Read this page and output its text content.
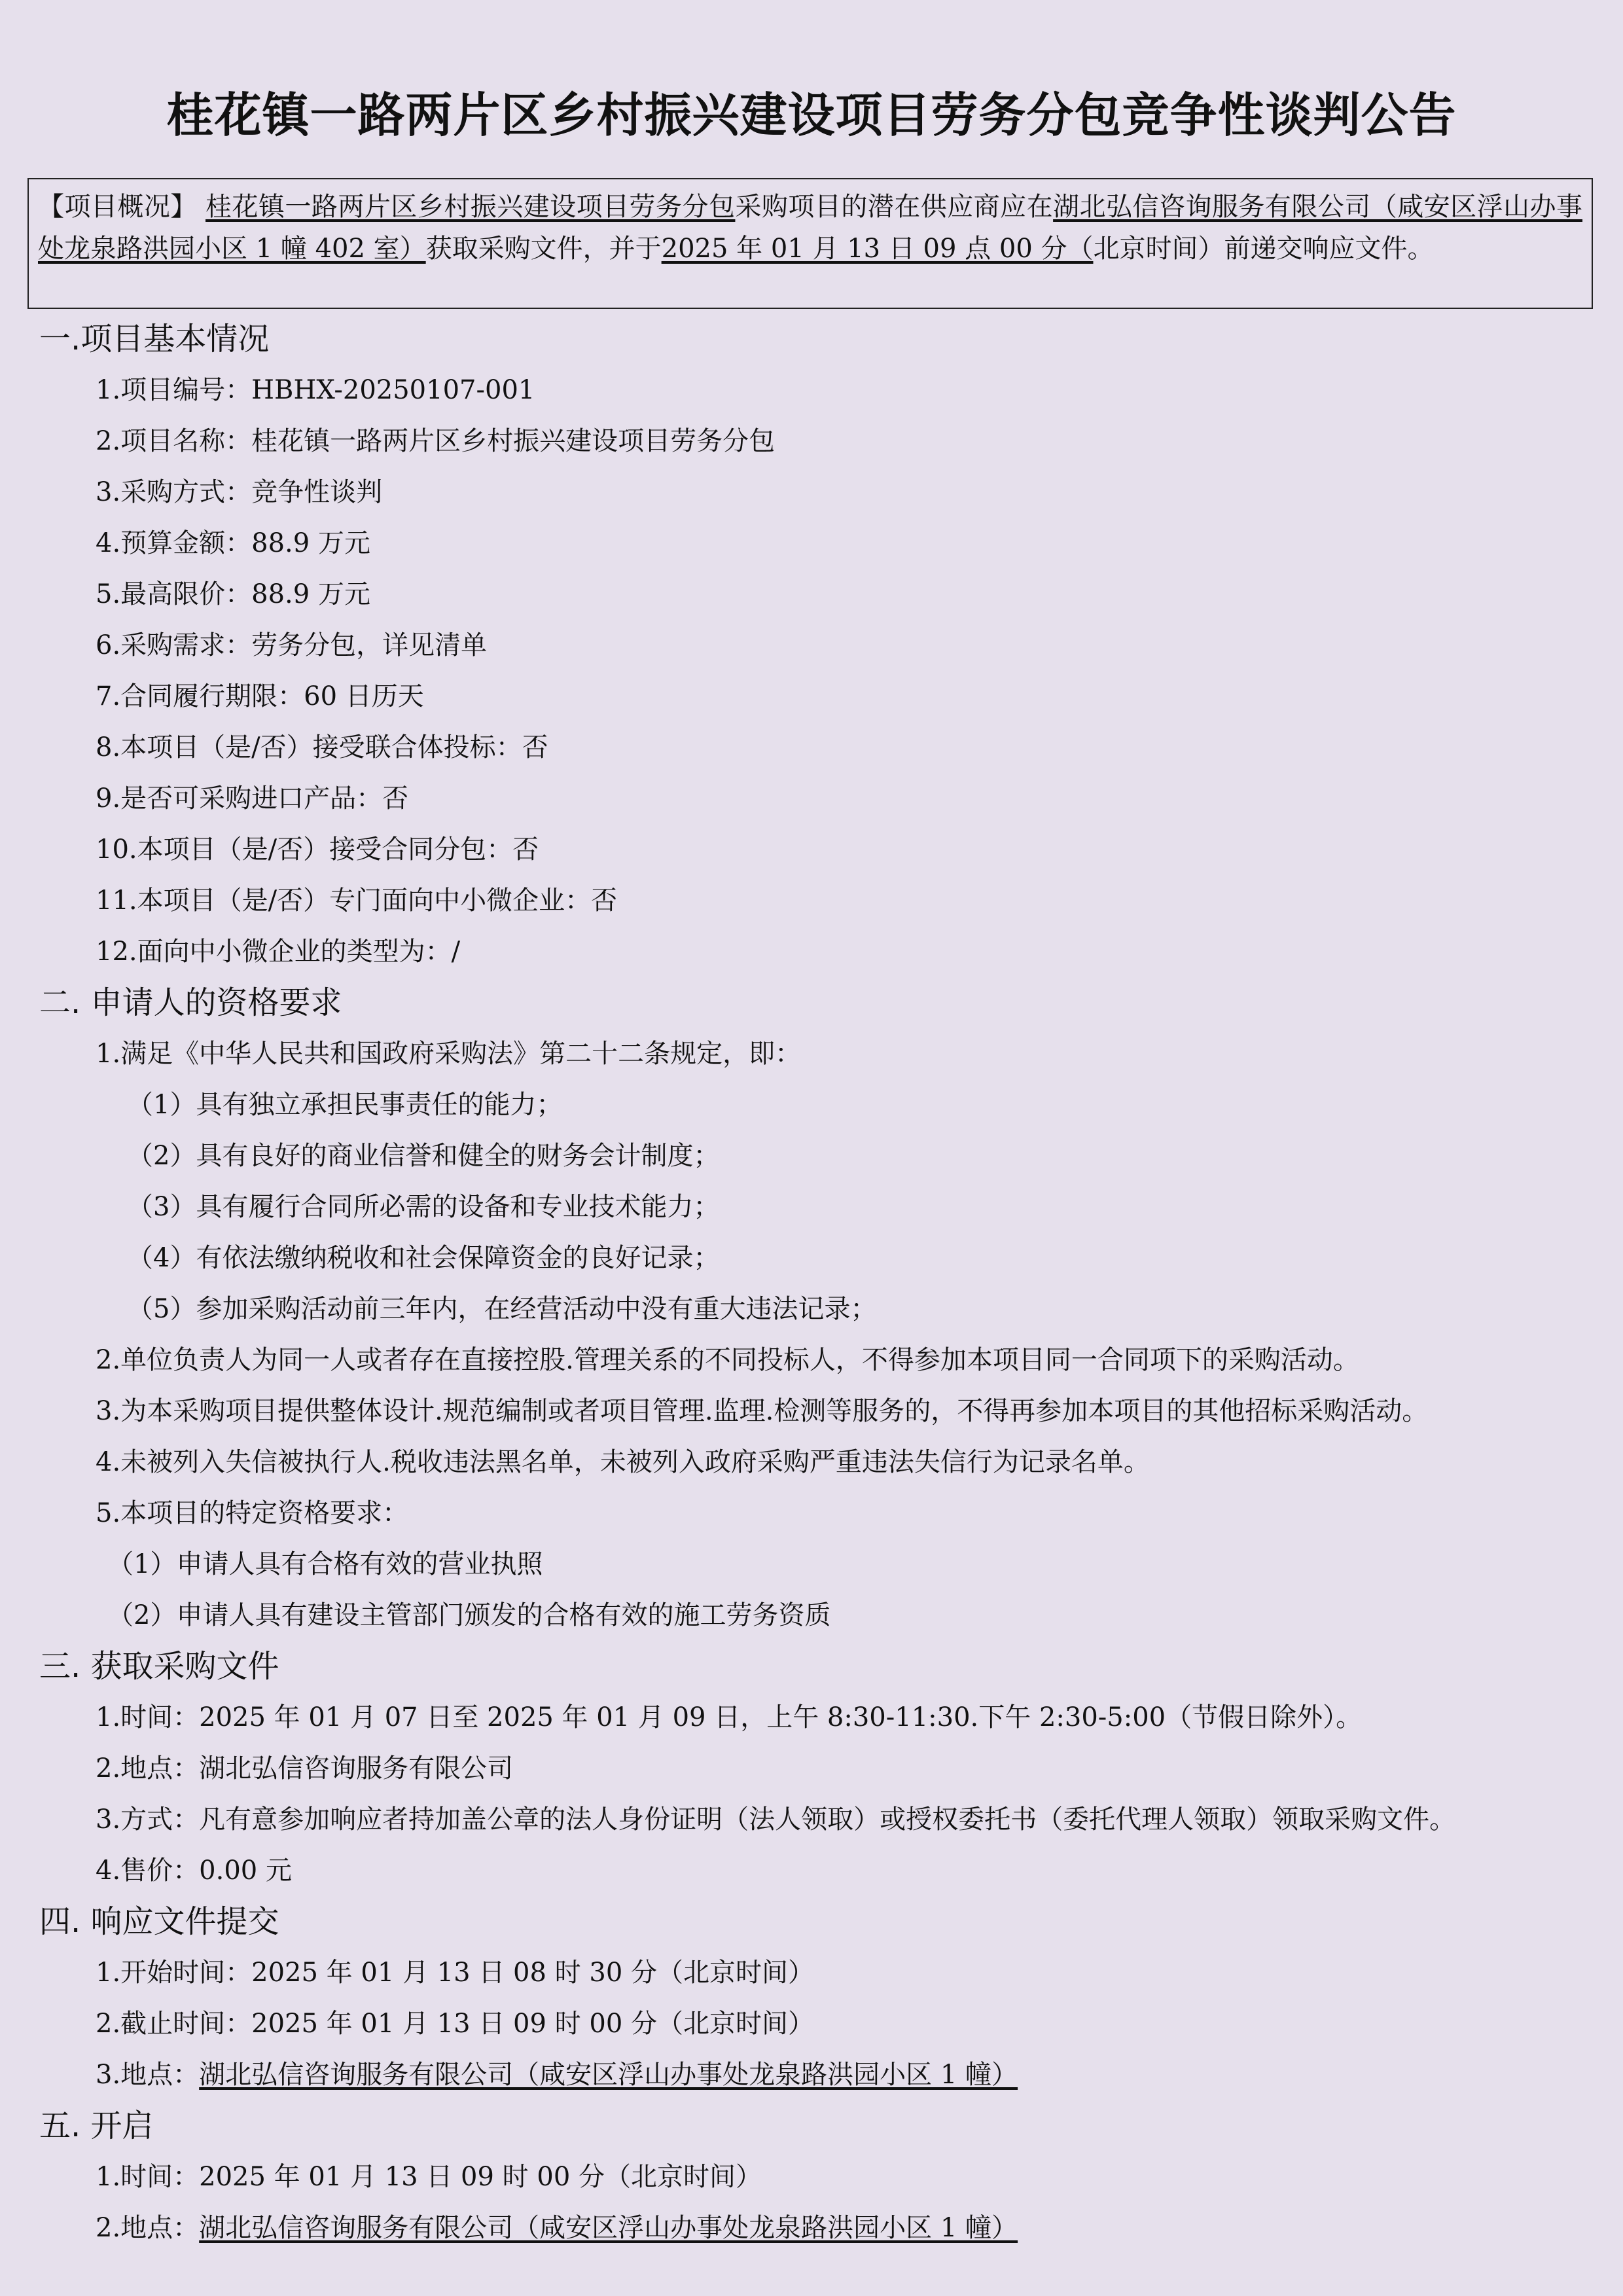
桂花镇一路两片区乡村振兴建设项目劳务分包竞争性谈判公告
【项目概况】 桂花镇一路两片区乡村振兴建设项目劳务分包采购项目的潜在供应商应在湖北弘信咨询服务有限公司（咸安区浮山办事处龙泉路洪园小区 1 幢 402 室）获取采购文件，并于2025 年 01 月 13 日 09 点 00 分（北京时间）前递交响应文件。
一.项目基本情况
1.项目编号：HBHX-20250107-001
2.项目名称：桂花镇一路两片区乡村振兴建设项目劳务分包
3.采购方式：竞争性谈判
4.预算金额：88.9 万元
5.最高限价：88.9 万元
6.采购需求：劳务分包，详见清单
7.合同履行期限：60 日历天
8.本项目（是/否）接受联合体投标：否
9.是否可采购进口产品：否
10.本项目（是/否）接受合同分包：否
11.本项目（是/否）专门面向中小微企业：否
12.面向中小微企业的类型为：/
二. 申请人的资格要求
1.满足《中华人民共和国政府采购法》第二十二条规定，即：
（1）具有独立承担民事责任的能力；
（2）具有良好的商业信誉和健全的财务会计制度；
（3）具有履行合同所必需的设备和专业技术能力；
（4）有依法缴纳税收和社会保障资金的良好记录；
（5）参加采购活动前三年内，在经营活动中没有重大违法记录；
2.单位负责人为同一人或者存在直接控股.管理关系的不同投标人，不得参加本项目同一合同项下的采购活动。
3.为本采购项目提供整体设计.规范编制或者项目管理.监理.检测等服务的，不得再参加本项目的其他招标采购活动。
4.未被列入失信被执行人.税收违法黑名单，未被列入政府采购严重违法失信行为记录名单。
5.本项目的特定资格要求：
（1）申请人具有合格有效的营业执照
（2）申请人具有建设主管部门颁发的合格有效的施工劳务资质
三. 获取采购文件
1.时间：2025 年 01 月 07 日至 2025 年 01 月 09 日，上午 8:30-11:30.下午 2:30-5:00（节假日除外）。
2.地点：湖北弘信咨询服务有限公司
3.方式：凡有意参加响应者持加盖公章的法人身份证明（法人领取）或授权委托书（委托代理人领取）领取采购文件。
4.售价：0.00 元
四. 响应文件提交
1.开始时间：2025 年 01 月 13 日 08 时 30 分（北京时间）
2.截止时间：2025 年 01 月 13 日 09 时 00 分（北京时间）
3.地点：湖北弘信咨询服务有限公司（咸安区浮山办事处龙泉路洪园小区 1 幢）
五. 开启
1.时间：2025 年 01 月 13 日 09 时 00 分（北京时间）
2.地点：湖北弘信咨询服务有限公司（咸安区浮山办事处龙泉路洪园小区 1 幢）
